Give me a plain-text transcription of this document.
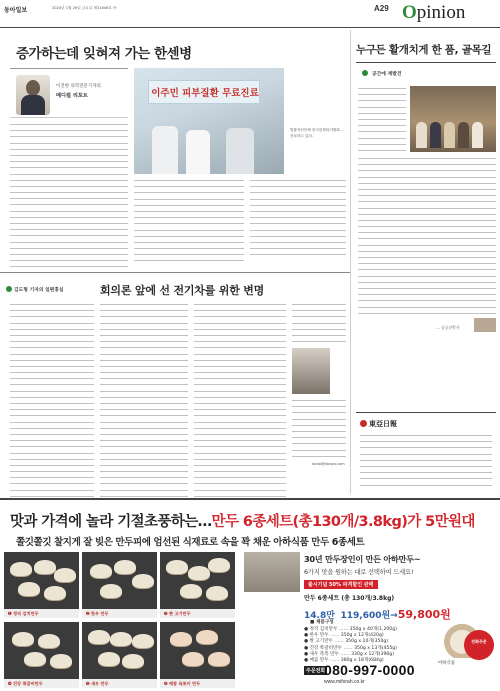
동아일보	2024년 1월 26일 금요일 제31846호 ㈜	A29 Opinion
증가하는데 잊혀져 가는 한센병
이진한 의학전문기자의
메디컬 리포트	이주민 피부질환 무료진료
법률자선단체 한국한센복지협회 … 진료하고 있다.
누구든 활개치게 한 품, 골목길
공간에 재발견
… 공공건축가
김도형 기자의 일편홍심	회의론 앞에 선 전기차를 위한 변명
dodo@donga.com
東亞日報
맛과 가격에 놀라 기절초풍하는…만두 6종세트(총130개/3.8kg)가 5만원대
쫄깃쫄깃 찰지게 잘 빚은 만두피에 엄선된 식재료로 속을 꽉 채운 아하식품 만두 6종세트
➊ 정직 김치만두	➋ 한우 만두	➌ 짠 고기만두
➍ 건강 쪽갈비만두	➎ 새우 만두	➏ 매콤 욕쪼키 만두
30년 만두장인이 만든 아하만두~
6가지 맛을 원하는 대로 선택하여 드세요!
출시기념 50% 파격할인 판매
만두 6종세트 (총 130개/3.8kg)
14.8만 119,600원→59,800원
■ 제품구성
● 정직 김치만두 …… 350g x 40개(1,200g)
● 한우 만두 …… 350g x 12개(420g)
● 짠 고기만두 …… 350g x 10개(350g)
● 건강 쪽갈비만두 …… 350g x 13개(455g)
● 새우 촉촉 만두 …… 330g x 12개(396g)
● 매콤 만두 …… 380g x 18개(684g)
전화주문
주문전화
080-997-0000
www.miforah.co.kr
아하식품
